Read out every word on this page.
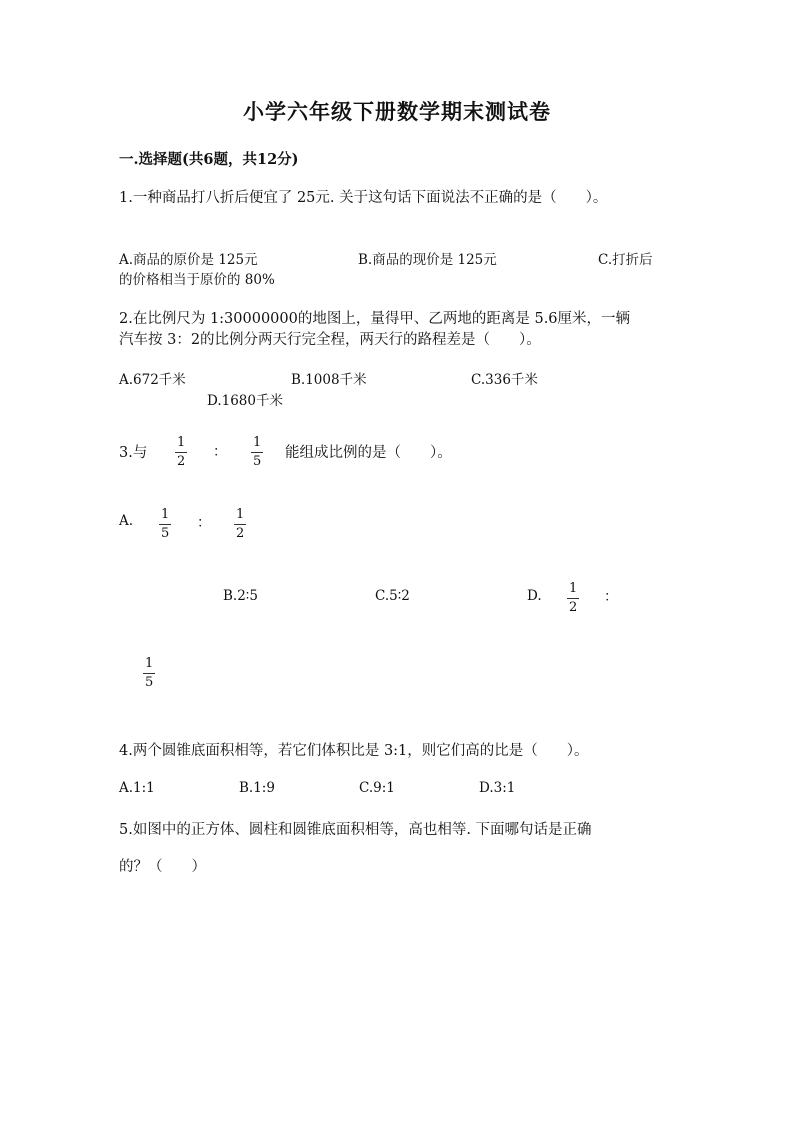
小学六年级下册数学期末测试卷
一.选择题(共6题，共12分)
1.一种商品打八折后便宜了 25元. 关于这句话下面说法不正确的是（　　）。
A.商品的原价是 125元	B.商品的现价是 125元	C.打折后
的价格相当于原价的 80%
2.在比例尺为 1:30000000的地图上，量得甲、乙两地的距离是 5.6厘米，一辆
汽车按 3：2的比例分两天行完全程，两天行的路程差是（　　）。
A.672千米	B.1008千米	C.336千米
D.1680千米
3.与
1
2
：
1
5
能组成比例的是（　　）。
A. 1
5
：
1
2
B.2∶5	C.5∶2	D. 1
2
：
1
5
4.两个圆锥底面积相等，若它们体积比是 3:1，则它们高的比是（　　）。
A.1:1	B.1:9	C.9:1	D.3:1
5.如图中的正方体、圆柱和圆锥底面积相等，高也相等. 下面哪句话是正确
的？（　　）
